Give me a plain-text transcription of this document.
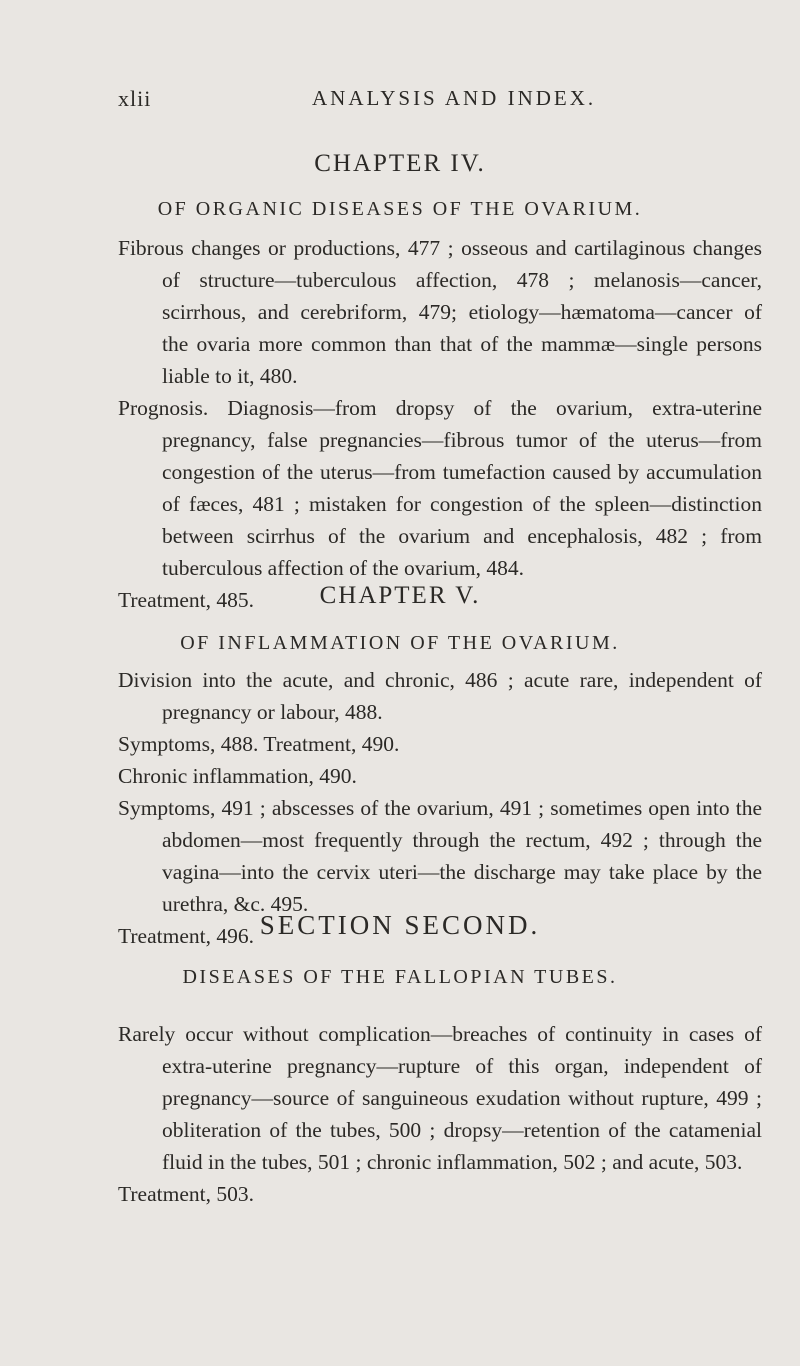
xlii	ANALYSIS AND INDEX.
CHAPTER IV.
OF ORGANIC DISEASES OF THE OVARIUM.

Fibrous changes or productions, 477 ; osseous and cartilaginous changes of structure—tuberculous affection, 478 ; melanosis—cancer, scirrhous, and cerebriform, 479; etiology—hæmatoma—cancer of the ovaria more common than that of the mammæ—single persons liable to it, 480.

Prognosis. Diagnosis—from dropsy of the ovarium, extra-uterine pregnancy, false pregnancies—fibrous tumor of the uterus—from congestion of the uterus—from tumefaction caused by accumulation of fæces, 481 ; mistaken for congestion of the spleen—distinction between scirrhus of the ovarium and encephalosis, 482 ; from tuberculous affection of the ovarium, 484.

Treatment, 485.	CHAPTER V.
OF INFLAMMATION OF THE OVARIUM.

Division into the acute, and chronic, 486 ; acute rare, independent of pregnancy or labour, 488.

Symptoms, 488. Treatment, 490.

Chronic inflammation, 490.

Symptoms, 491 ; abscesses of the ovarium, 491 ; sometimes open into the abdomen—most frequently through the rectum, 492 ; through the vagina—into the cervix uteri—the discharge may take place by the urethra, &c. 495.

Treatment, 496. SECTION SECOND.
DISEASES OF THE FALLOPIAN TUBES.

Rarely occur without complication—breaches of continuity in cases of extra-uterine pregnancy—rupture of this organ, independent of pregnancy—source of sanguineous exudation without rupture, 499 ; obliteration of the tubes, 500 ; dropsy—retention of the catamenial fluid in the tubes, 501 ; chronic inflammation, 502 ; and acute, 503.

Treatment, 503.
